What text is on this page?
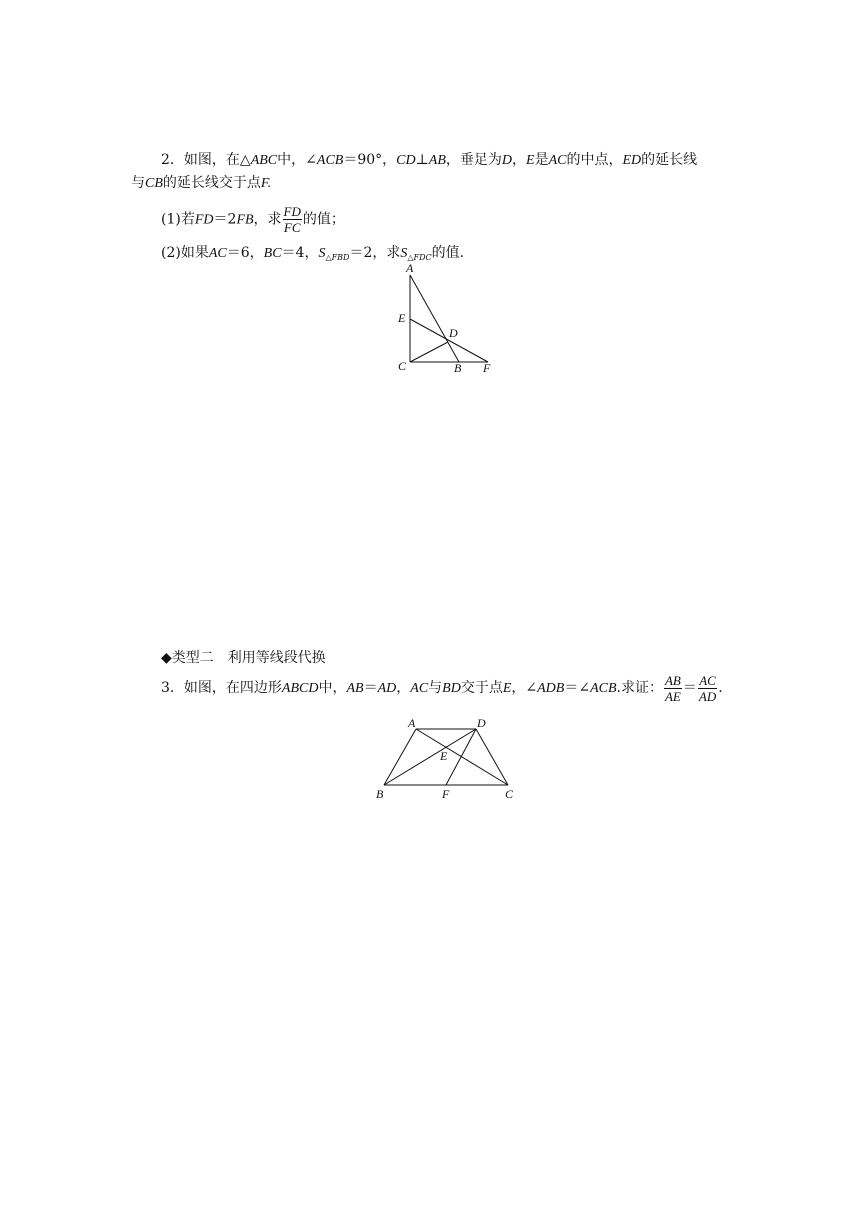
2．如图，在△ABC中，∠ACB＝90°，CD⊥AB，垂足为D，E是AC的中点，ED的延长线
与CB的延长线交于点F.
(1)若FD＝2FB，求 $\frac{FD}{FC}$ 的值；
(2)如果AC＝6，BC＝4，$S_{\triangle FBD}=2$，求$S_{\triangle FDC}$的值.
A
E
D
C	B F
◆类型二　利用等线段代换
3．如图，在四边形ABCD中，AB＝AD，AC与BD交于点E，∠ADB＝∠ACB.求证： $\frac{AB}{AE} = \frac{AC}{AD}$ .
A	D
E
B	F	C
